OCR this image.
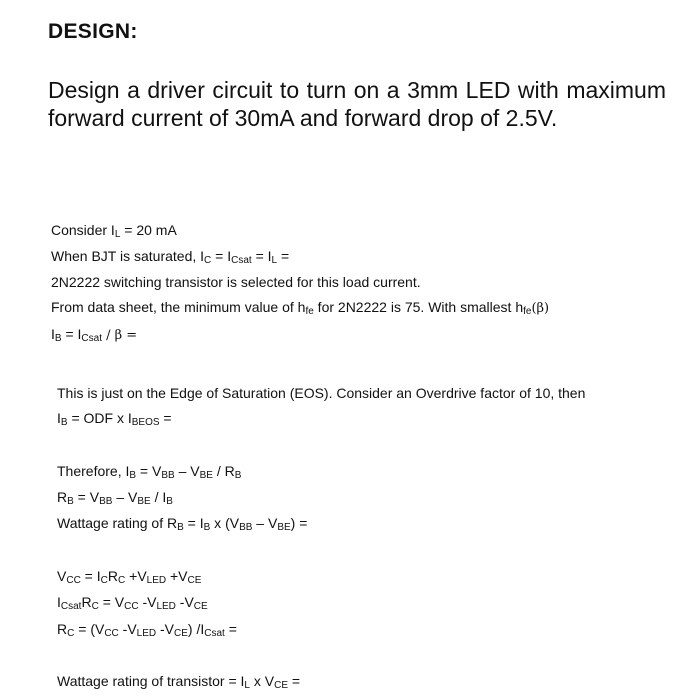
DESIGN:
Design a driver circuit to turn on a 3mm LED with maximum forward current of 30mA and forward drop of 2.5V.
Consider IL = 20 mA
When BJT is saturated, IC = ICsat = IL =
2N2222 switching transistor is selected for this load current.
From data sheet, the minimum value of hfe for 2N2222 is 75. With smallest hfe(β)
IB = ICsat / β =
This is just on the Edge of Saturation (EOS). Consider an Overdrive factor of 10, then
IB = ODF x IBEOS =
Therefore, IB = VBB – VBE / RB
RB = VBB – VBE / IB
Wattage rating of RB = IB x (VBB – VBE) =
VCC = ICRC +VLED +VCE
ICsatRC = VCC -VLED -VCE
RC = (VCC -VLED -VCE) /ICsat =
Wattage rating of transistor = IL x VCE =
